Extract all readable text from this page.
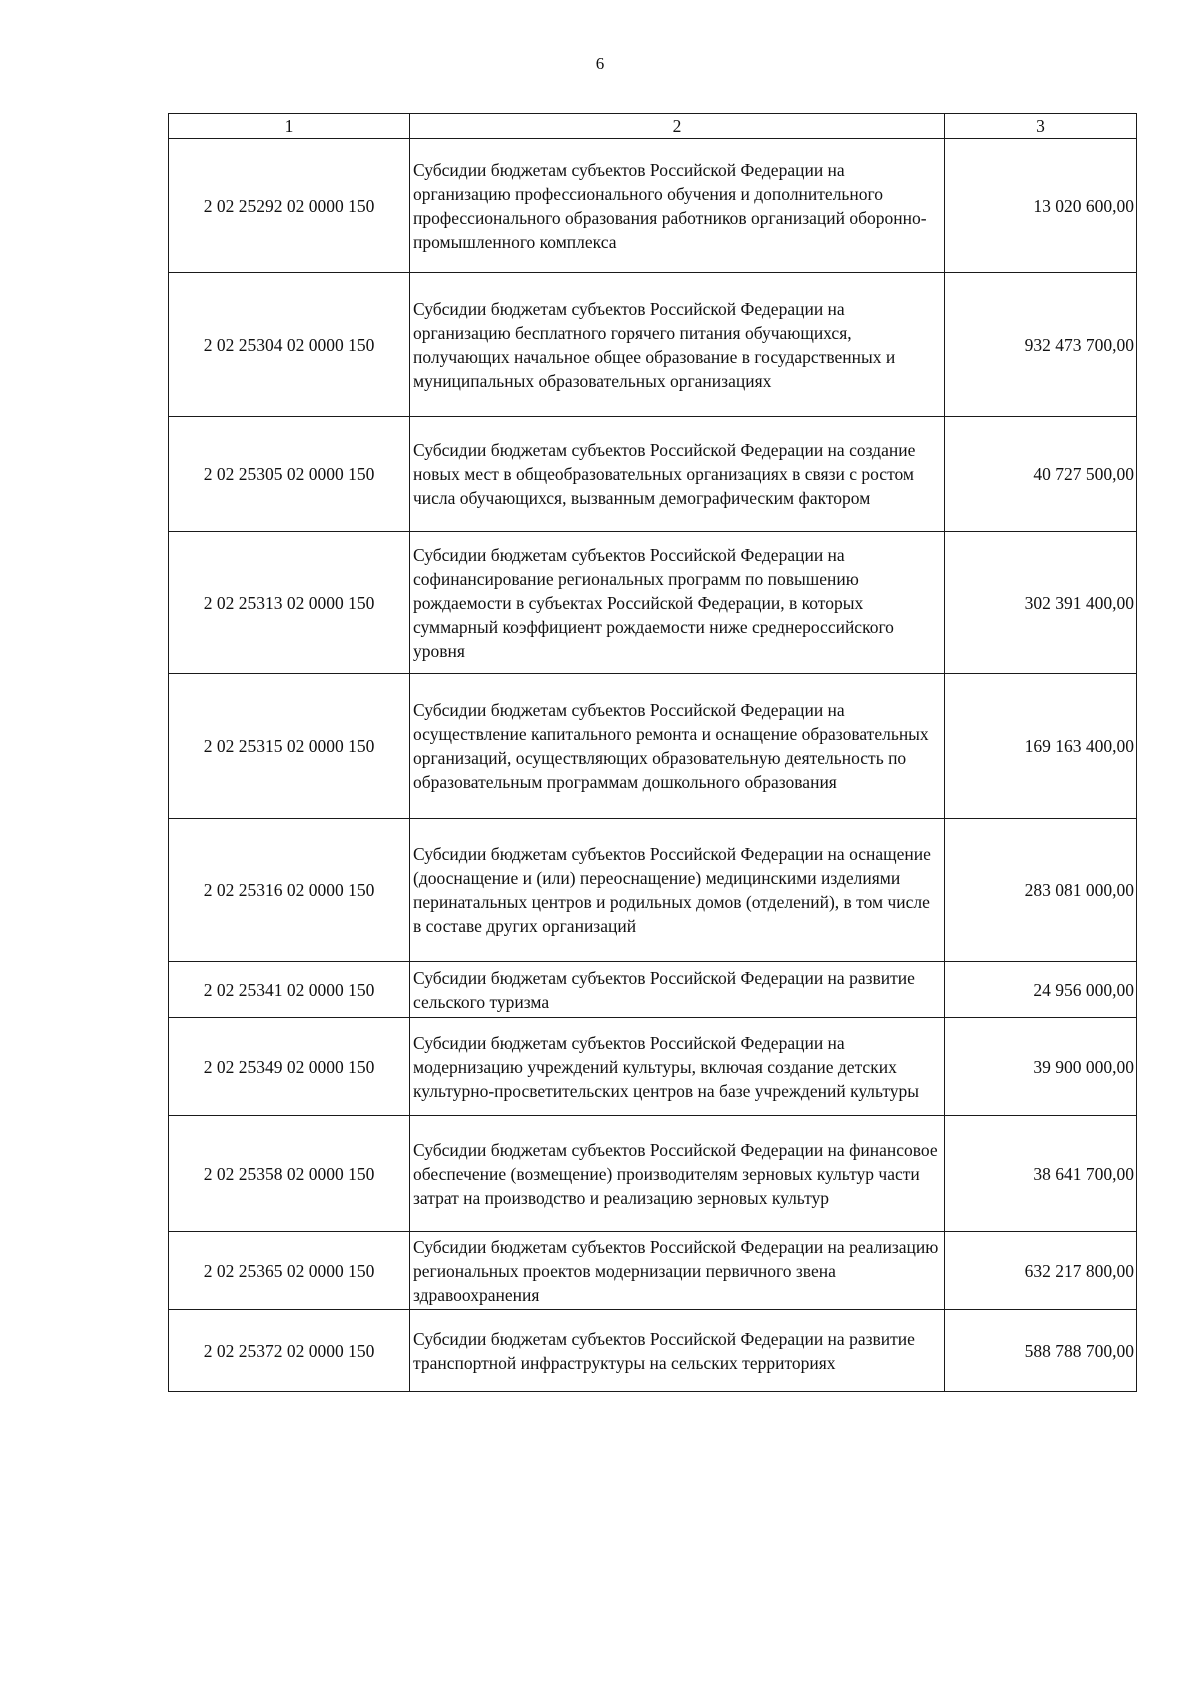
6
1	2	3
2 02 25292 02 0000 150	Субсидии бюджетам субъектов Российской Федерации на организацию профессионального обучения и дополнительного профессионального образования работников организаций оборонно-промышленного комплекса	13 020 600,00
2 02 25304 02 0000 150	Субсидии бюджетам субъектов Российской Федерации на организацию бесплатного горячего питания обучающихся, получающих начальное общее образование в государственных и муниципальных образовательных организациях	932 473 700,00
2 02 25305 02 0000 150	Субсидии бюджетам субъектов Российской Федерации на создание новых мест в общеобразовательных организациях в связи с ростом числа обучающихся, вызванным демографическим фактором	40 727 500,00
2 02 25313 02 0000 150	Субсидии бюджетам субъектов Российской Федерации на софинансирование региональных программ по повышению рождаемости в субъектах Российской Федерации, в которых суммарный коэффициент рождаемости ниже среднероссийского уровня	302 391 400,00
2 02 25315 02 0000 150	Субсидии бюджетам субъектов Российской Федерации на осуществление капитального ремонта и оснащение образовательных организаций, осуществляющих образовательную деятельность по образовательным программам дошкольного образования	169 163 400,00
2 02 25316 02 0000 150	Субсидии бюджетам субъектов Российской Федерации на оснащение (дооснащение и (или) переоснащение) медицинскими изделиями перинатальных центров и родильных домов (отделений), в том числе в составе других организаций	283 081 000,00
2 02 25341 02 0000 150	Субсидии бюджетам субъектов Российской Федерации на развитие сельского туризма	24 956 000,00
2 02 25349 02 0000 150	Субсидии бюджетам субъектов Российской Федерации на модернизацию учреждений культуры, включая создание детских культурно-просветительских центров на базе учреждений культуры	39 900 000,00
2 02 25358 02 0000 150	Субсидии бюджетам субъектов Российской Федерации на финансовое обеспечение (возмещение) производителям зерновых культур части затрат на производство и реализацию зерновых культур	38 641 700,00
2 02 25365 02 0000 150	Субсидии бюджетам субъектов Российской Федерации на реализацию региональных проектов модернизации первичного звена здравоохранения	632 217 800,00
2 02 25372 02 0000 150	Субсидии бюджетам субъектов Российской Федерации на развитие транспортной инфраструктуры на сельских территориях	588 788 700,00
